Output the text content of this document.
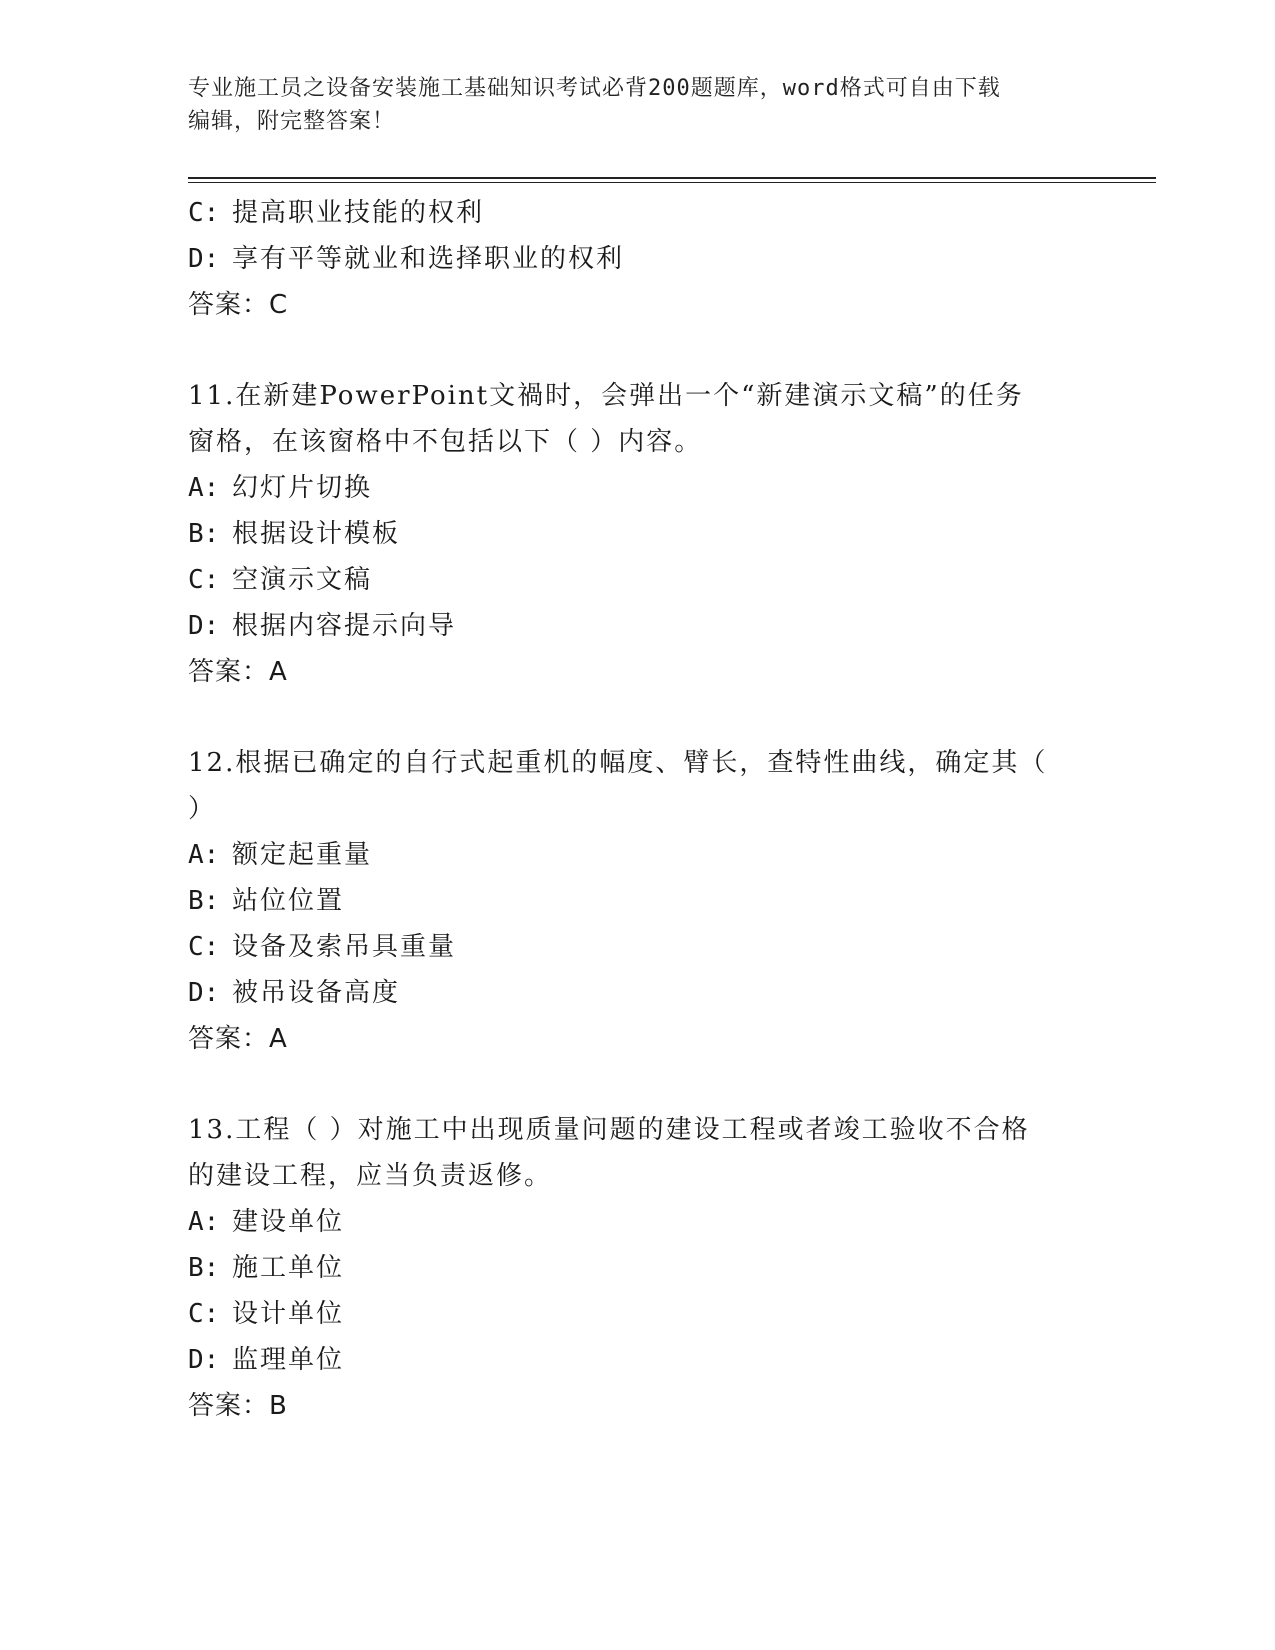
专业施工员之设备安装施工基础知识考试必背200题题库，word格式可自由下载
编辑，附完整答案！
C: 提高职业技能的权利
D: 享有平等就业和选择职业的权利
答案：C
11.在新建PowerPoint文禍时，会弹出一个“新建演示文稿”的任务
窗格，在该窗格中不包括以下（ ）内容。
A: 幻灯片切换
B: 根据设计模板
C: 空演示文稿
D: 根据内容提示向导
答案：A
12.根据已确定的自行式起重机的幅度、臂长，查特性曲线，确定其（
）
A: 额定起重量
B: 站位位置
C: 设备及索吊具重量
D: 被吊设备高度
答案：A
13.工程（ ）对施工中出现质量问题的建设工程或者竣工验收不合格
的建设工程，应当负责返修。
A: 建设单位
B: 施工单位
C: 设计单位
D: 监理单位
答案：B
